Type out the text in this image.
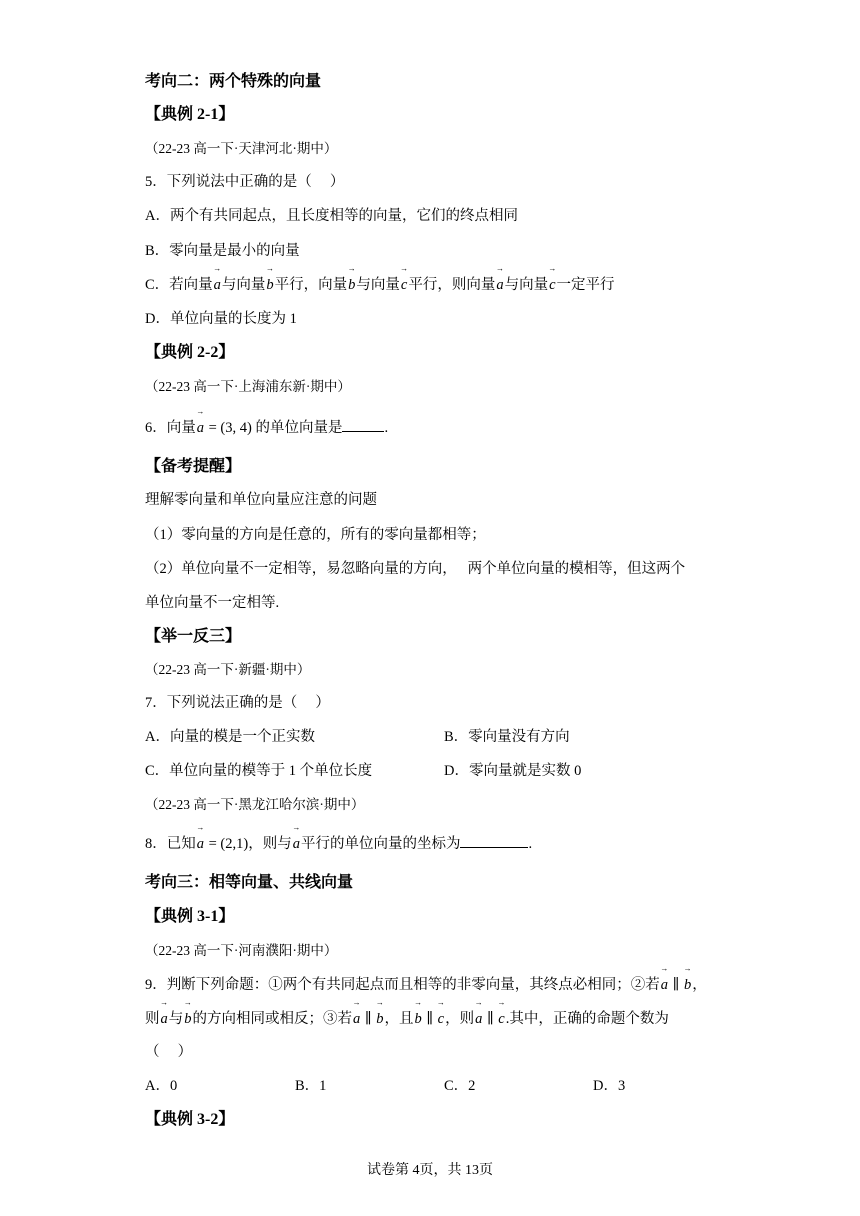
考向二：两个特殊的向量
【典例 2-1】
（22-23 高一下·天津河北·期中）
5．下列说法中正确的是（　 ）
A．两个有共同起点，且长度相等的向量，它们的终点相同
B．零向量是最小的向量
C．若向量→ a与向量→ b平行，向量→ b与向量→ c平行，则向量→ a与向量→ c一定平行
D．单位向量的长度为 1
【典例 2-2】
（22-23 高一下·上海浦东新·期中）
6．向量→ a = (3, 4) 的单位向量是	.
【备考提醒】
理解零向量和单位向量应注意的问题
（1）零向量的方向是任意的，所有的零向量都相等；
（2）单位向量不一定相等，易忽略向量的方向，　 两个单位向量的模相等，但这两个
单位向量不一定相等.
【举一反三】
（22-23 高一下·新疆·期中）
7．下列说法正确的是（　 ）
A．向量的模是一个正实数	B．零向量没有方向
C．单位向量的模等于 1 个单位长度	D．零向量就是实数 0
（22-23 高一下·黑龙江哈尔滨·期中）
8．已知→ a = (2,1)，则与→ a平行的单位向量的坐标为	.
考向三：相等向量、共线向量
【典例 3-1】
（22-23 高一下·河南濮阳·期中）
9．判断下列命题：①两个有共同起点而且相等的非零向量，其终点必相同；②若→ a ∥ → b，
则→ a与→ b的方向相同或相反；③若→ a ∥ → b，且→ b ∥ → c，则→ a ∥ → c.其中，正确的命题个数为
（　 ）
A．0	B．1	C．2	D．3
【典例 3-2】
试卷第 4页，共 13页
